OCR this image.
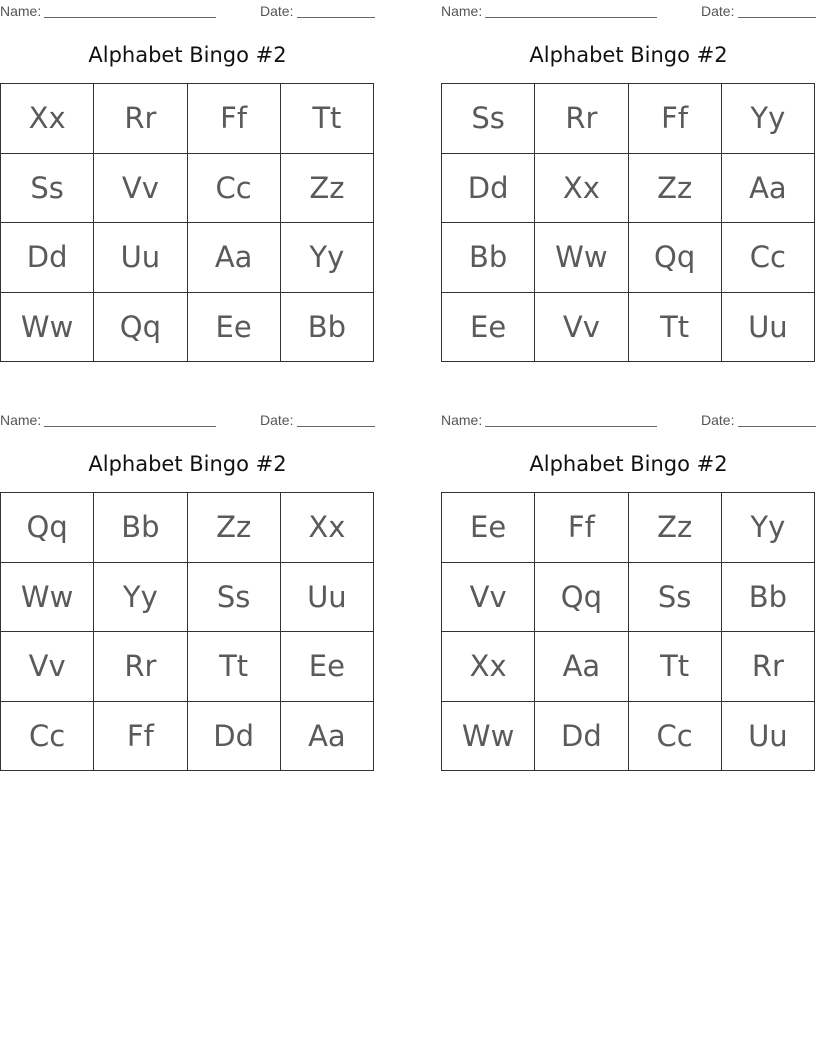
Name:	Date:
Alphabet Bingo #2
Xx	Rr	Ff	Tt
Ss	Vv	Cc	Zz
Dd	Uu	Aa	Yy
Ww	Qq	Ee	Bb
Name:	Date:
Alphabet Bingo #2
Ss	Rr	Ff	Yy
Dd	Xx	Zz	Aa
Bb	Ww	Qq	Cc
Ee	Vv	Tt	Uu
Name:	Date:
Alphabet Bingo #2
Qq	Bb	Zz	Xx
Ww	Yy	Ss	Uu
Vv	Rr	Tt	Ee
Cc	Ff	Dd	Aa
Name:	Date:
Alphabet Bingo #2
Ee	Ff	Zz	Yy
Vv	Qq	Ss	Bb
Xx	Aa	Tt	Rr
Ww	Dd	Cc	Uu
